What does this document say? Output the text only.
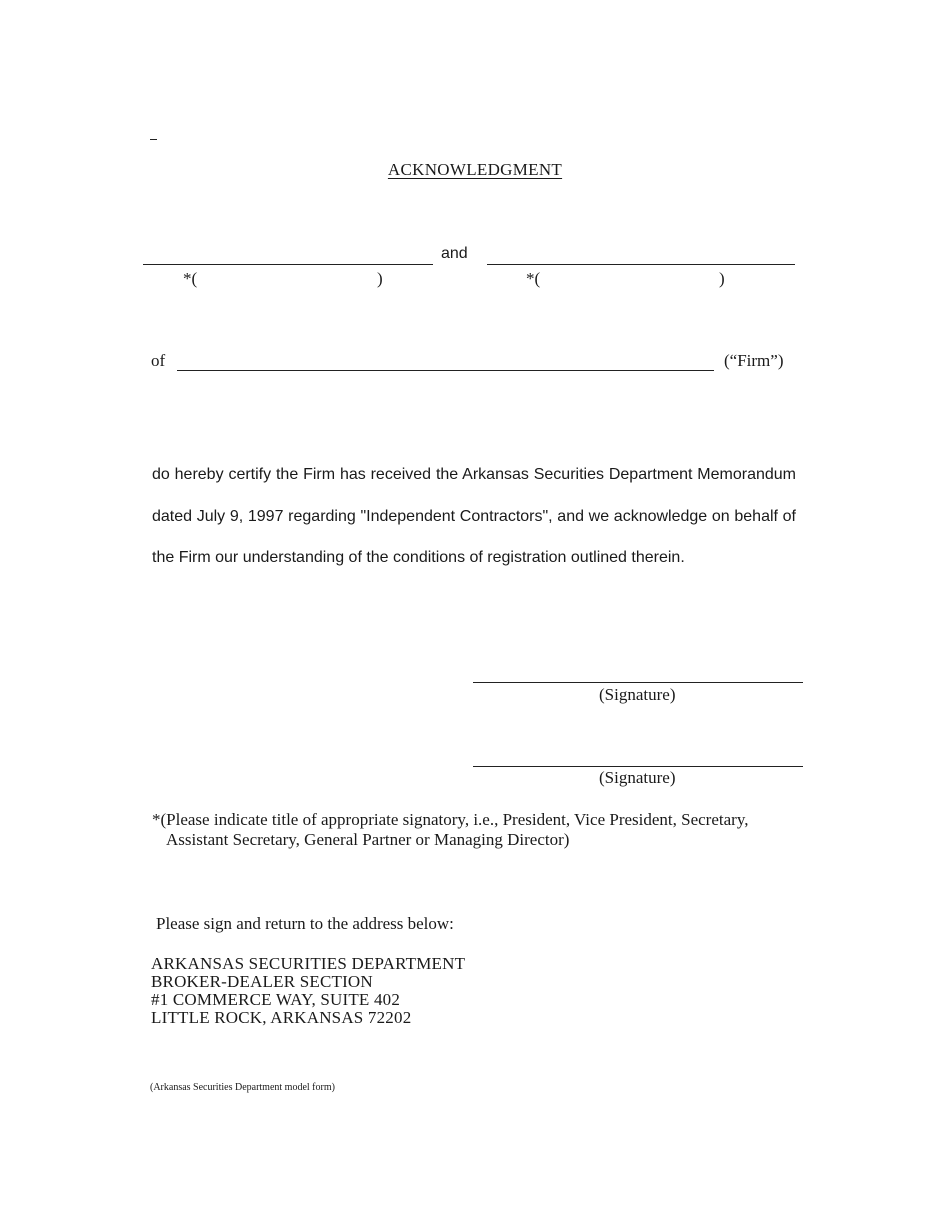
ACKNOWLEDGMENT
and
*(	)	*(	)
of	(“Firm”)
do hereby certify the Firm has received the Arkansas Securities Department Memorandum dated July 9, 1997 regarding "Independent Contractors", and we acknowledge on behalf of the Firm our understanding of the conditions of registration outlined therein.
(Signature)
(Signature)
*(Please indicate title of appropriate signatory, i.e., President, Vice President, Secretary,
Assistant Secretary, General Partner or Managing Director)
Please sign and return to the address below:
ARKANSAS SECURITIES DEPARTMENT
BROKER-DEALER SECTION
#1 COMMERCE WAY, SUITE 402
LITTLE ROCK, ARKANSAS 72202
(Arkansas Securities Department model form)
